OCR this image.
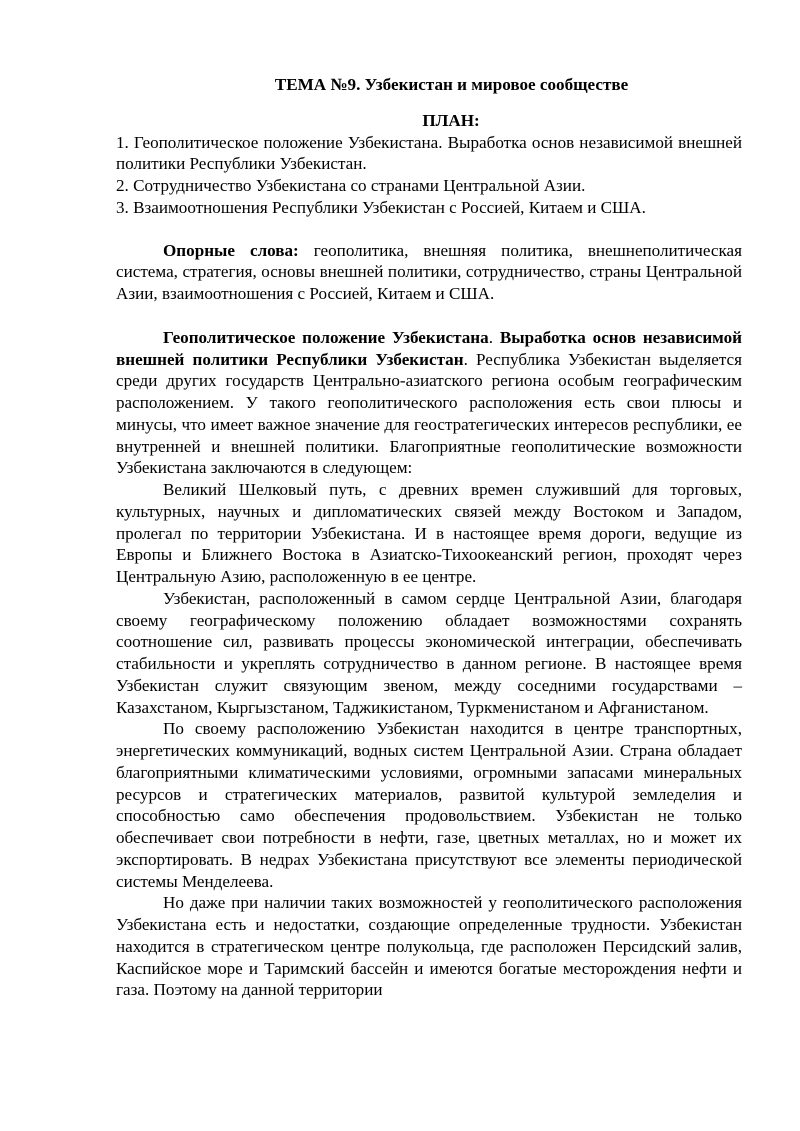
ТЕМА №9. Узбекистан и мировое сообществе
ПЛАН:
1. Геополитическое положение Узбекистана. Выработка основ независимой внешней политики Республики Узбекистан.
2. Сотрудничество Узбекистана со странами Центральной Азии.
3. Взаимоотношения Республики Узбекистан с Россией, Китаем и США.

Опорные слова: геополитика, внешняя политика, внешнеполитическая система, стратегия, основы внешней политики, сотрудничество, страны Центральной Азии, взаимоотношения с Россией, Китаем и США.

Геополитическое положение Узбекистана. Выработка основ независимой внешней политики Республики Узбекистан. Республика Узбекистан выделяется среди других государств Центрально-азиатского региона особым географическим расположением. У такого геополитического расположения есть свои плюсы и минусы, что имеет важное значение для геостратегических интересов республики, ее внутренней и внешней политики. Благоприятные геополитические возможности Узбекистана заключаются в следующем:

Великий Шелковый путь, с древних времен служивший для торговых, культурных, научных и дипломатических связей между Востоком и Западом, пролегал по территории Узбекистана. И в настоящее время дороги, ведущие из Европы и Ближнего Востока в Азиатско-Тихоокеанский регион, проходят через Центральную Азию, расположенную в ее центре.

Узбекистан, расположенный в самом сердце Центральной Азии, благодаря своему географическому положению обладает возможностями сохранять соотношение сил, развивать процессы экономической интеграции, обеспечивать стабильности и укреплять сотрудничество в данном регионе. В настоящее время Узбекистан служит связующим звеном, между соседними государствами – Казахстаном, Кыргызстаном, Таджикистаном, Туркменистаном и Афганистаном.

По своему расположению Узбекистан находится в центре транспортных, энергетических коммуникаций, водных систем Центральной Азии. Страна обладает благоприятными климатическими условиями, огромными запасами минеральных ресурсов и стратегических материалов, развитой культурой земледелия и способностью само обеспечения продовольствием. Узбекистан не только обеспечивает свои потребности в нефти, газе, цветных металлах, но и может их экспортировать. В недрах Узбекистана присутствуют все элементы периодической системы Менделеева.

Но даже при наличии таких возможностей у геополитического расположения Узбекистана есть и недостатки, создающие определенные трудности. Узбекистан находится в стратегическом центре полукольца, где расположен Персидский залив, Каспийское море и Таримский бассейн и имеются богатые месторождения нефти и газа. Поэтому на данной территории
